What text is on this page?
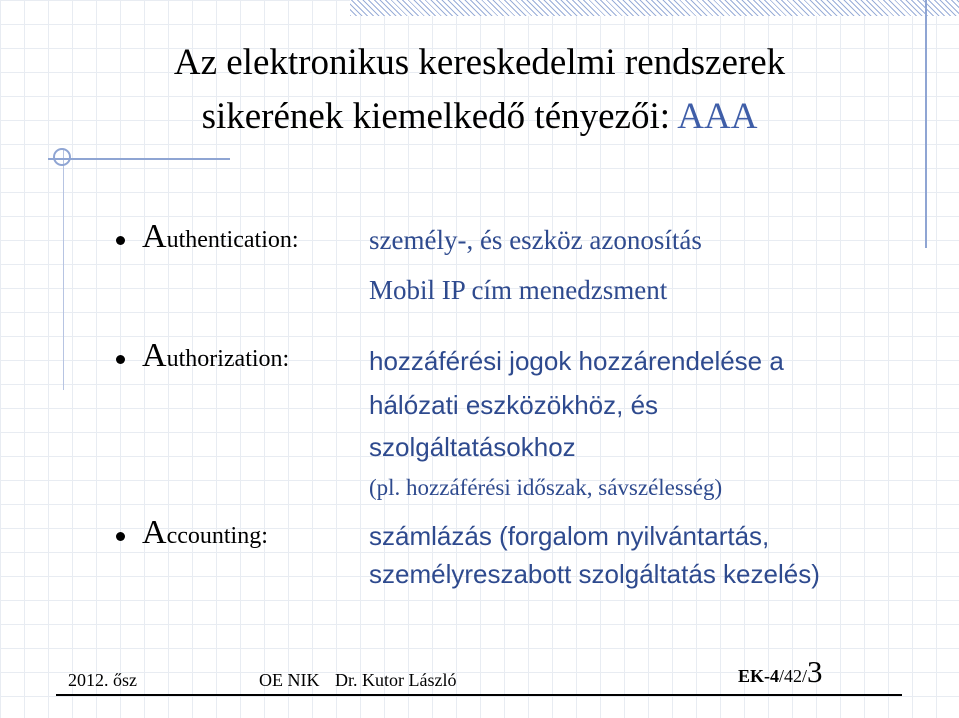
Az elektronikus kereskedelmi rendszerek
sikerének kiemelkedő tényezői: AAA
Authentication:	személy-, és eszköz azonosítás
Mobil IP cím menedzsment
Authorization:	hozzáférési jogok hozzárendelése a
hálózati eszközökhöz, és
szolgáltatásokhoz
(pl. hozzáférési időszak, sávszélesség)
Accounting:	számlázás (forgalom nyilvántartás,
személyreszabott szolgáltatás kezelés)
2012. ősz	OE NIK Dr. Kutor László	EK-4/42/3
